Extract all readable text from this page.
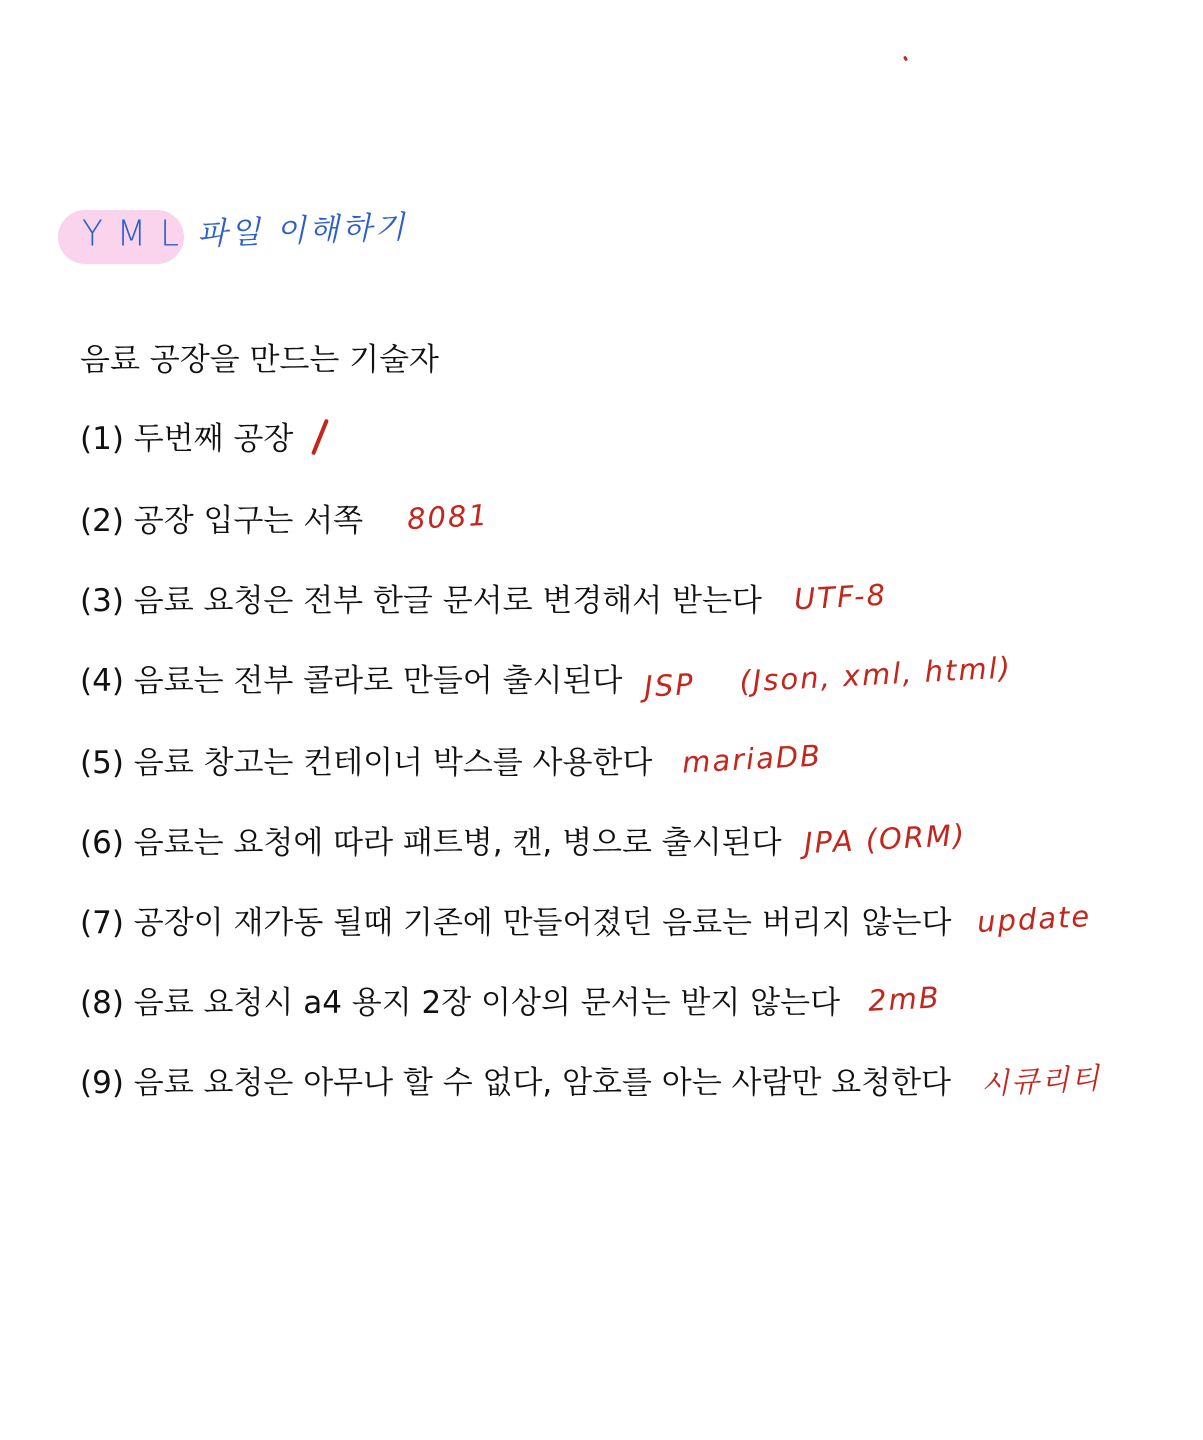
YML 파일 이해하기
음료 공장을 만드는 기술자
(1) 두번째 공장
(2) 공장 입구는 서쪽 8081
(3) 음료 요청은 전부 한글 문서로 변경해서 받는다 UTF-8
(4) 음료는 전부 콜라로 만들어 출시된다 JSP    (Json, xml, html)
(5) 음료 창고는 컨테이너 박스를 사용한다 mariaDB
(6) 음료는 요청에 따라 패트병, 캔, 병으로 출시된다 JPA (ORM)
(7) 공장이 재가동 될때 기존에 만들어졌던 음료는 버리지 않는다 update
(8) 음료 요청시 a4 용지 2장 이상의 문서는 받지 않는다 2mB
(9) 음료 요청은 아무나 할 수 없다, 암호를 아는 사람만 요청한다 시큐리티
